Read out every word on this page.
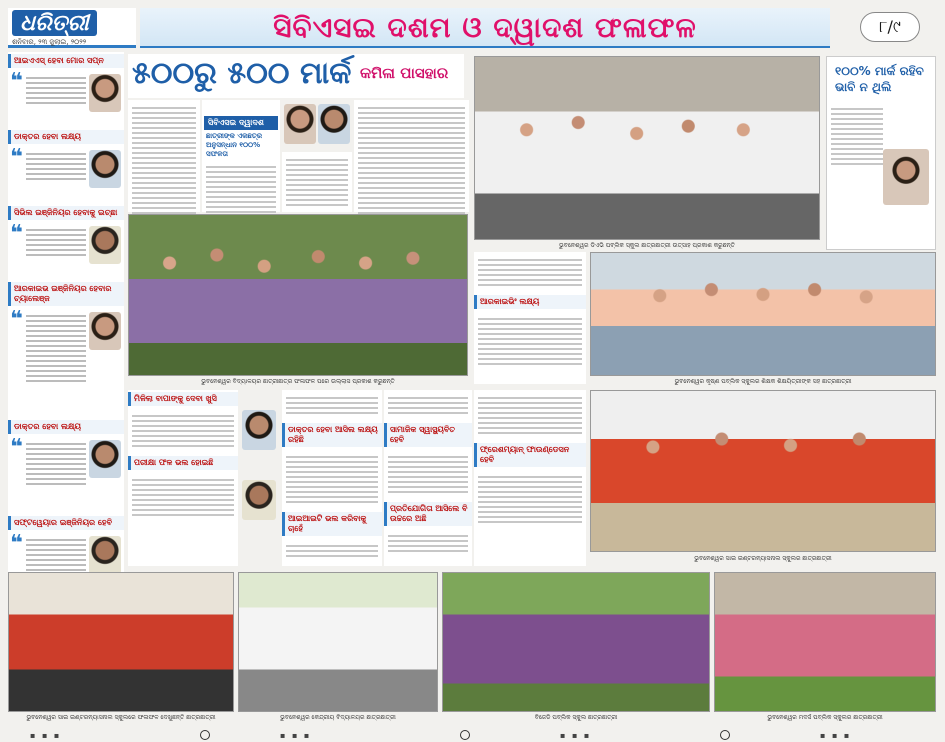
ଧରିତ୍ରୀ
ଶନିବାର, ୨୩ ଜୁଲାଇ, ୨୦୨୨	ସିବିଏସଇ ଦଶମ ଓ ଦ୍ୱାଦଶ ଫଳାଫଳ	୮/୯
ଆଇଏଏସ୍ ହେବା ମୋର ସପ୍ନ
❝
ଡାକ୍ତର ହେବା ଲକ୍ଷ୍ୟ
❝
ସିଭିଲ ଇଞ୍ଜିନିୟର ହେବାକୁ ଇଚ୍ଛା
❝
ଆରକାଇଭ ଇଞ୍ଜିନିୟର ହେବାର ଚ୍ୟାଲେଞ୍ଜ
❝
ଡାକ୍ତର ହେବା ଲକ୍ଷ୍ୟ
❝
ସଫ୍ଟୱେୟାର ଇଞ୍ଜିନିୟର ହେବି
❝
୫୦୦ରୁ ୫୦୦ ମାର୍କ କମିଳା ପାସହାର
ସିବିଏସଇ ଦ୍ୱାଦଶ
ଛାତ୍ରୀଙ୍କ ଏକଛତ୍ର ଅନୁସନ୍ଧାନ ୧୦୦% ସଫଳତା
ଭୁବନେଶ୍ୱର ବିଦ୍ୟାଳୟର ଛାତ୍ରୀଛାତ୍ର ଫଳାଫଳ ପରେ ଉଲ୍ଲାସ ପ୍ରକାଶ କରୁଛନ୍ତି
ଭୁବନେଶ୍ୱର ଡିଏଭି ପବ୍ଲିକ ସ୍କୁଲ ଛାତ୍ରଛାତ୍ରୀ ଉତ୍ସାହ ପ୍ରକାଶ କରୁଛନ୍ତି
୧୦୦% ମାର୍କ ରହିବ ଭାବି ନ ଥିଲି
ଆରକାଇଭିଂ ଲକ୍ଷ୍ୟ
ଭୁବନେଶ୍ୱର କୃଷ୍ଣ ପବ୍ଲିକ ସ୍କୁଲର ଶିକ୍ଷକ ଶିକ୍ଷୟିତ୍ରୀଙ୍କ ସହ ଛାତ୍ରଛାତ୍ରୀ
ମିଳିଲା ବାପାଙ୍କୁ ଦେବା ଖୁସି
ପରୀକ୍ଷା ଫଳ ଭଲ ହୋଇଛି
ଡାକ୍ତର ହେବା ଆସିଲ ଲକ୍ଷ୍ୟ ରହିଛି
ଆଇଆଇଟି ଭଲ କରିବାକୁ ଚାହେଁ
ସାମାଜିକ ସ୍ୱାସ୍ଥ୍ୟବିତ ହେବି
ପ୍ରତିଯୋଗିତା ଆସିଲେ ବି ଉଚ୍ଚରେ ଅଛି
ଫ୍ରେଶମ୍ୟାନ୍ ଫାଉଣ୍ଡେସନ ହେବି
ଭୁବନେଶ୍ୱର ସାଇ ଇଣ୍ଟରନ୍ୟାସନାଲ ସ୍କୁଲର ଛାତ୍ରଛାତ୍ରୀ
ଭୁବନେଶ୍ୱର ସାଇ ଇଣ୍ଟରନ୍ୟାସନାଲ ସ୍କୁଲରେ ଫଳାଫଳ ଦେଖୁଛନ୍ତି ଛାତ୍ରଛାତ୍ରୀ	ଭୁବନେଶ୍ୱର କେନ୍ଦ୍ରୀୟ ବିଦ୍ୟାଳୟର ଛାତ୍ରଛାତ୍ରୀ	ବିଜେଡି ପବ୍ଲିକ ସ୍କୁଲ ଛାତ୍ରଛାତ୍ରୀ	ଭୁବନେଶ୍ୱର ମଦର୍ସ ପବ୍ଲିକ ସ୍କୁଲର ଛାତ୍ରଛାତ୍ରୀ
▪ ▪ ▪	▪ ▪ ▪	▪ ▪ ▪	▪ ▪ ▪
